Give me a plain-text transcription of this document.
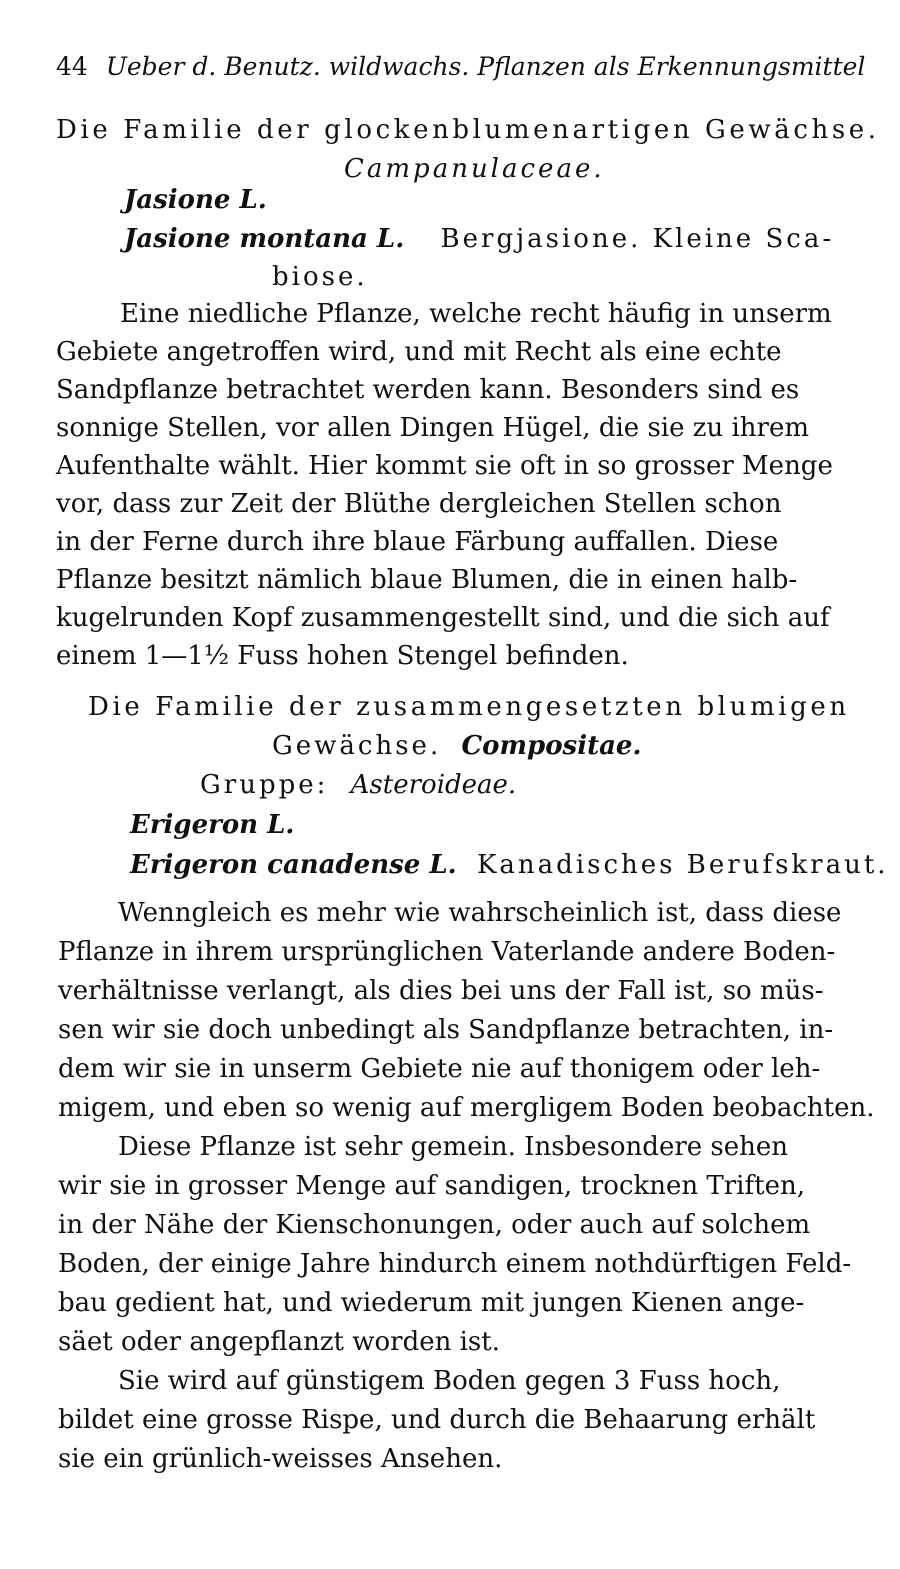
44 Ueber d. Benutz. wildwachs. Pflanzen als Erkennungsmittel
Die Familie der glockenblumenartigen Gewächse.
Campanulaceae.
Jasione L.
Jasione montana L. Bergjasione. Kleine Sca-
biose.
Eine niedliche Pflanze, welche recht häufig in unserm
Gebiete angetroffen wird, und mit Recht als eine echte
Sandpflanze betrachtet werden kann. Besonders sind es
sonnige Stellen, vor allen Dingen Hügel, die sie zu ihrem
Aufenthalte wählt. Hier kommt sie oft in so grosser Menge
vor, dass zur Zeit der Blüthe dergleichen Stellen schon
in der Ferne durch ihre blaue Färbung auffallen. Diese
Pflanze besitzt nämlich blaue Blumen, die in einen halb-
kugelrunden Kopf zusammengestellt sind, und die sich auf
einem 1—1½ Fuss hohen Stengel befinden.
Die Familie der zusammengesetzten blumigen
Gewächse. Compositae.
Gruppe: Asteroideae.
Erigeron L.
Erigeron canadense L. Kanadisches Berufskraut.
Wenngleich es mehr wie wahrscheinlich ist, dass diese
Pflanze in ihrem ursprünglichen Vaterlande andere Boden-
verhältnisse verlangt, als dies bei uns der Fall ist, so müs-
sen wir sie doch unbedingt als Sandpflanze betrachten, in-
dem wir sie in unserm Gebiete nie auf thonigem oder leh-
migem, und eben so wenig auf mergligem Boden beobachten.
Diese Pflanze ist sehr gemein. Insbesondere sehen
wir sie in grosser Menge auf sandigen, trocknen Triften,
in der Nähe der Kienschonungen, oder auch auf solchem
Boden, der einige Jahre hindurch einem nothdürftigen Feld-
bau gedient hat, und wiederum mit jungen Kienen ange-
säet oder angepflanzt worden ist.
Sie wird auf günstigem Boden gegen 3 Fuss hoch,
bildet eine grosse Rispe, und durch die Behaarung erhält
sie ein grünlich-weisses Ansehen.
